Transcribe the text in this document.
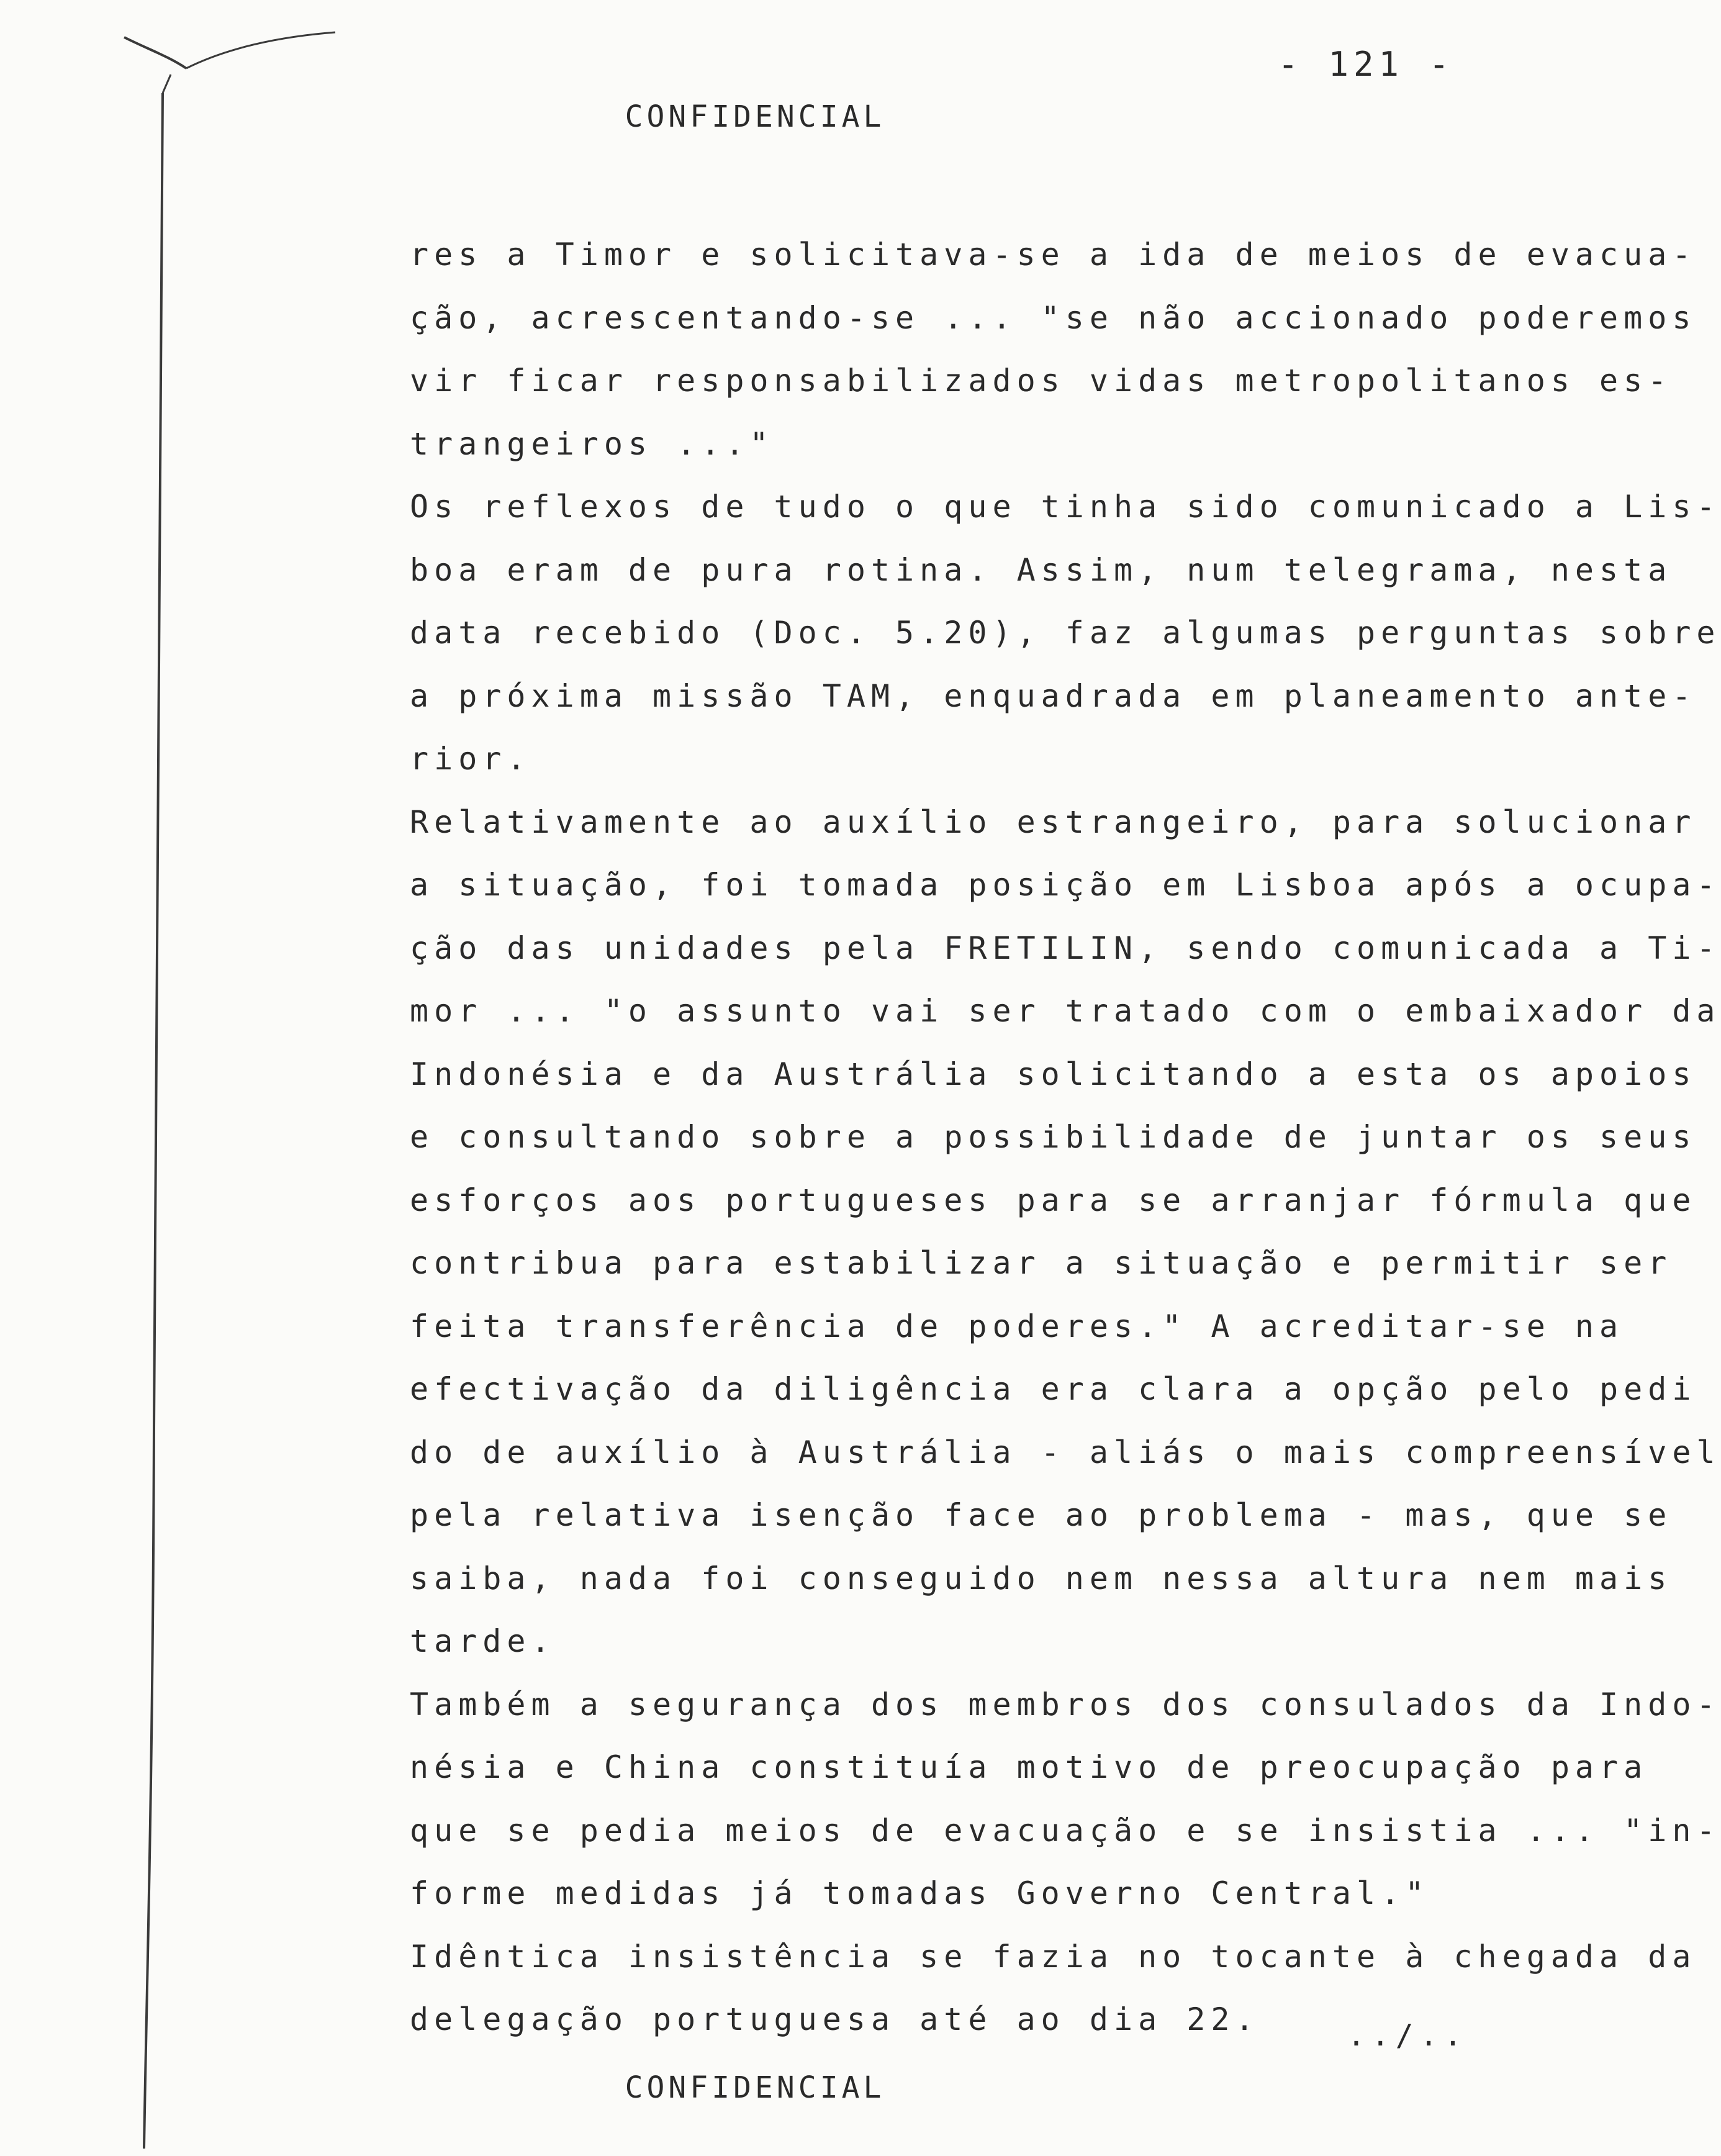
- 121 -
CONFIDENCIAL
res a Timor e solicitava-se a ida de meios de evacua-
ção, acrescentando-se ... "se não accionado poderemos
vir ficar responsabilizados vidas metropolitanos es-
trangeiros ..."
Os reflexos de tudo o que tinha sido comunicado a Lis-
boa eram de pura rotina. Assim, num telegrama, nesta
data recebido (Doc. 5.20), faz algumas perguntas sobre
a próxima missão TAM, enquadrada em planeamento ante-
rior.
Relativamente ao auxílio estrangeiro, para solucionar
a situação, foi tomada posição em Lisboa após a ocupa-
ção das unidades pela FRETILIN, sendo comunicada a Ti-
mor ... "o assunto vai ser tratado com o embaixador da
Indonésia e da Austrália solicitando a esta os apoios
e consultando sobre a possibilidade de juntar os seus
esforços aos portugueses para se arranjar fórmula que
contribua para estabilizar a situação e permitir ser
feita transferência de poderes." A acreditar-se na
efectivação da diligência era clara a opção pelo pedi
do de auxílio à Austrália - aliás o mais compreensível
pela relativa isenção face ao problema - mas, que se
saiba, nada foi conseguido nem nessa altura nem mais
tarde.
Também a segurança dos membros dos consulados da Indo-
nésia e China constituía motivo de preocupação para
que se pedia meios de evacuação e se insistia ... "in-
forme medidas já tomadas Governo Central."
Idêntica insistência se fazia no tocante à chegada da
delegação portuguesa até ao dia 22.	../..
CONFIDENCIAL
